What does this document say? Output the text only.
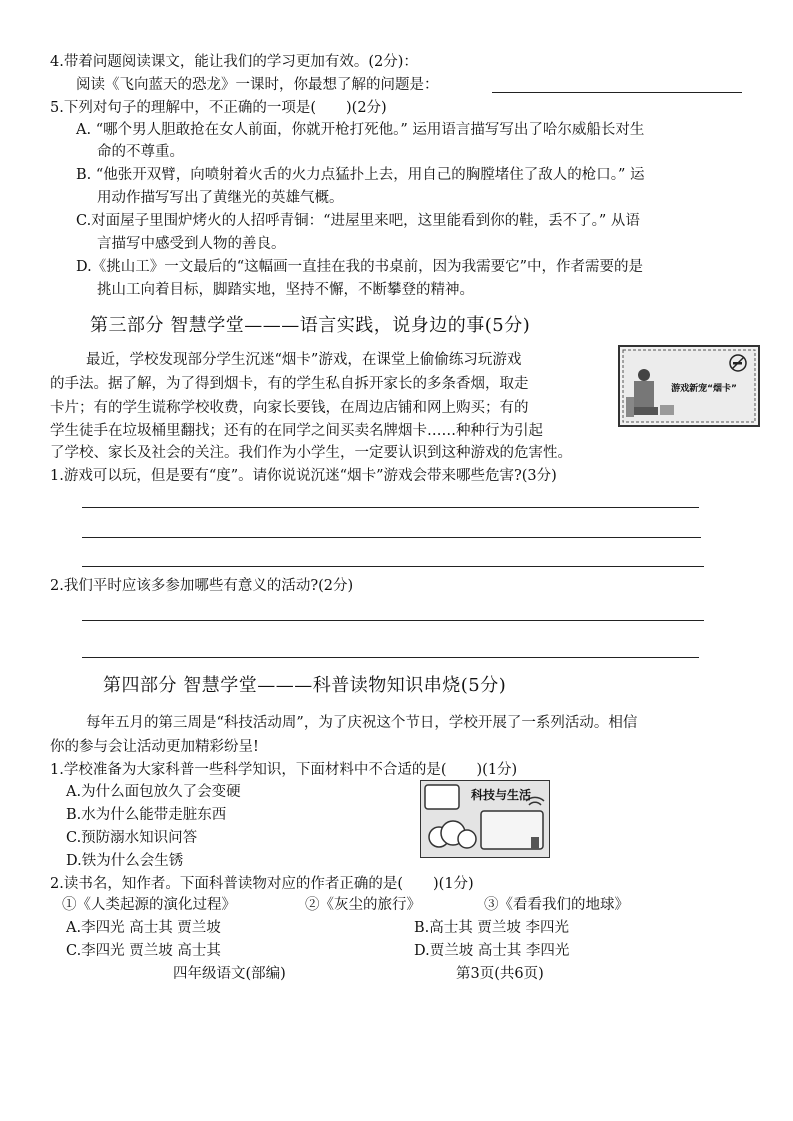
4.带着问题阅读课文，能让我们的学习更加有效。(2分)：
阅读《飞向蓝天的恐龙》一课时，你最想了解的问题是：
5.下列对句子的理解中，不正确的一项是( )(2分)
A. “哪个男人胆敢抢在女人前面，你就开枪打死他。” 运用语言描写写出了哈尔威船长对生
命的不尊重。
B. “他张开双臂，向喷射着火舌的火力点猛扑上去，用自己的胸膛堵住了敌人的枪口。” 运
用动作描写写出了黄继光的英雄气概。
C.对面屋子里围炉烤火的人招呼青铜：“进屋里来吧，这里能看到你的鞋，丢不了。” 从语
言描写中感受到人物的善良。
D.《挑山工》一文最后的“这幅画一直挂在我的书桌前，因为我需要它”中，作者需要的是
挑山工向着目标，脚踏实地，坚持不懈，不断攀登的精神。
第三部分 智慧学堂———语言实践，说身边的事(5分)
最近，学校发现部分学生沉迷“烟卡”游戏，在课堂上偷偷练习玩游戏
的手法。据了解，为了得到烟卡，有的学生私自拆开家长的多条香烟，取走
卡片；有的学生谎称学校收费，向家长要钱，在周边店铺和网上购买；有的
学生徒手在垃圾桶里翻找；还有的在同学之间买卖名牌烟卡……种种行为引起
了学校、家长及社会的关注。我们作为小学生，一定要认识到这种游戏的危害性。
游戏新宠“烟卡”
1.游戏可以玩，但是要有“度”。请你说说沉迷“烟卡”游戏会带来哪些危害?(3分)
2.我们平时应该多参加哪些有意义的活动?(2分)
第四部分 智慧学堂———科普读物知识串烧(5分)
每年五月的第三周是“科技活动周”，为了庆祝这个节日，学校开展了一系列活动。相信
你的参与会让活动更加精彩纷呈!
1.学校准备为大家科普一些科学知识，下面材料中不合适的是( )(1分)
A.为什么面包放久了会变硬
B.水为什么能带走脏东西
C.预防溺水知识问答
D.铁为什么会生锈
科技与生活
2.读书名，知作者。下面科普读物对应的作者正确的是( )(1分)
①《人类起源的演化过程》	②《灰尘的旅行》	③《看看我们的地球》
A.李四光 高士其 贾兰坡	B.高士其 贾兰坡 李四光
C.李四光 贾兰坡 高士其	D.贾兰坡 高士其 李四光
四年级语文(部编)	第3页(共6页)
